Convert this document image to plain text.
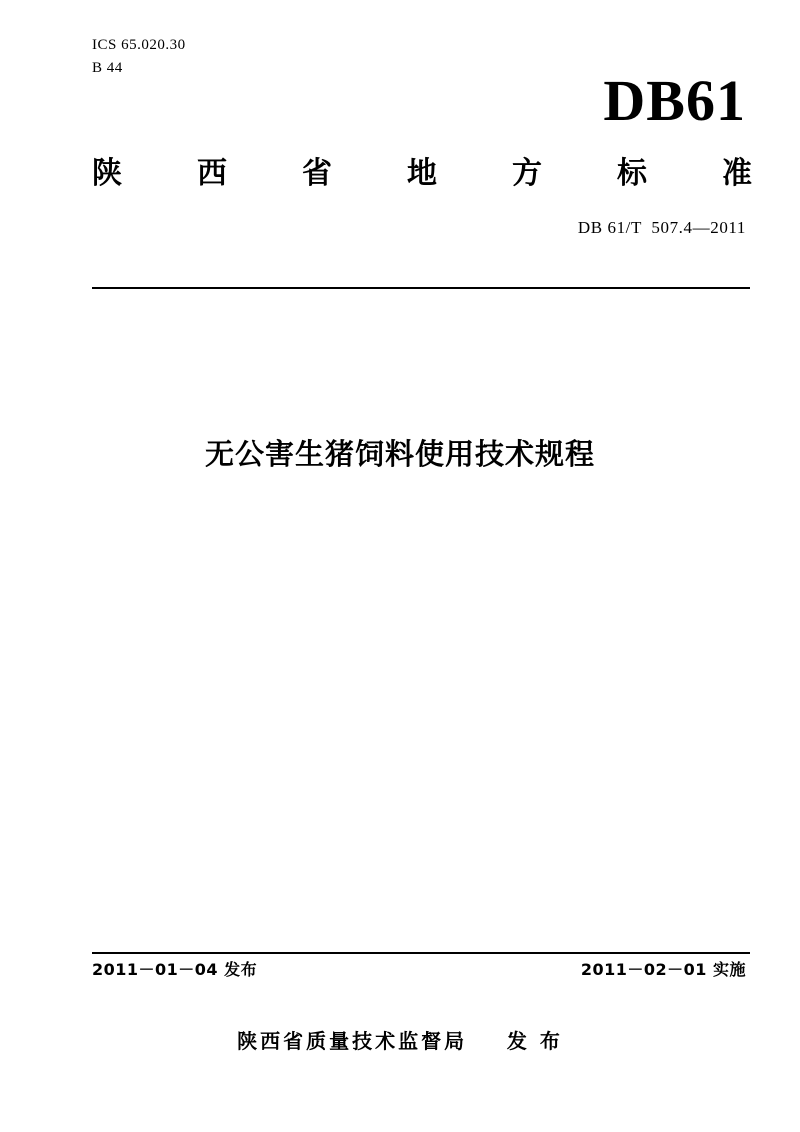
ICS 65.020.30
B 44	DB61
陕	西	省	地	方	标	准
DB 61/T  507.4—2011
无公害生猪饲料使用技术规程
2011－01－04 发布	2011－02－01 实施
陕西省质量技术监督局    发 布
